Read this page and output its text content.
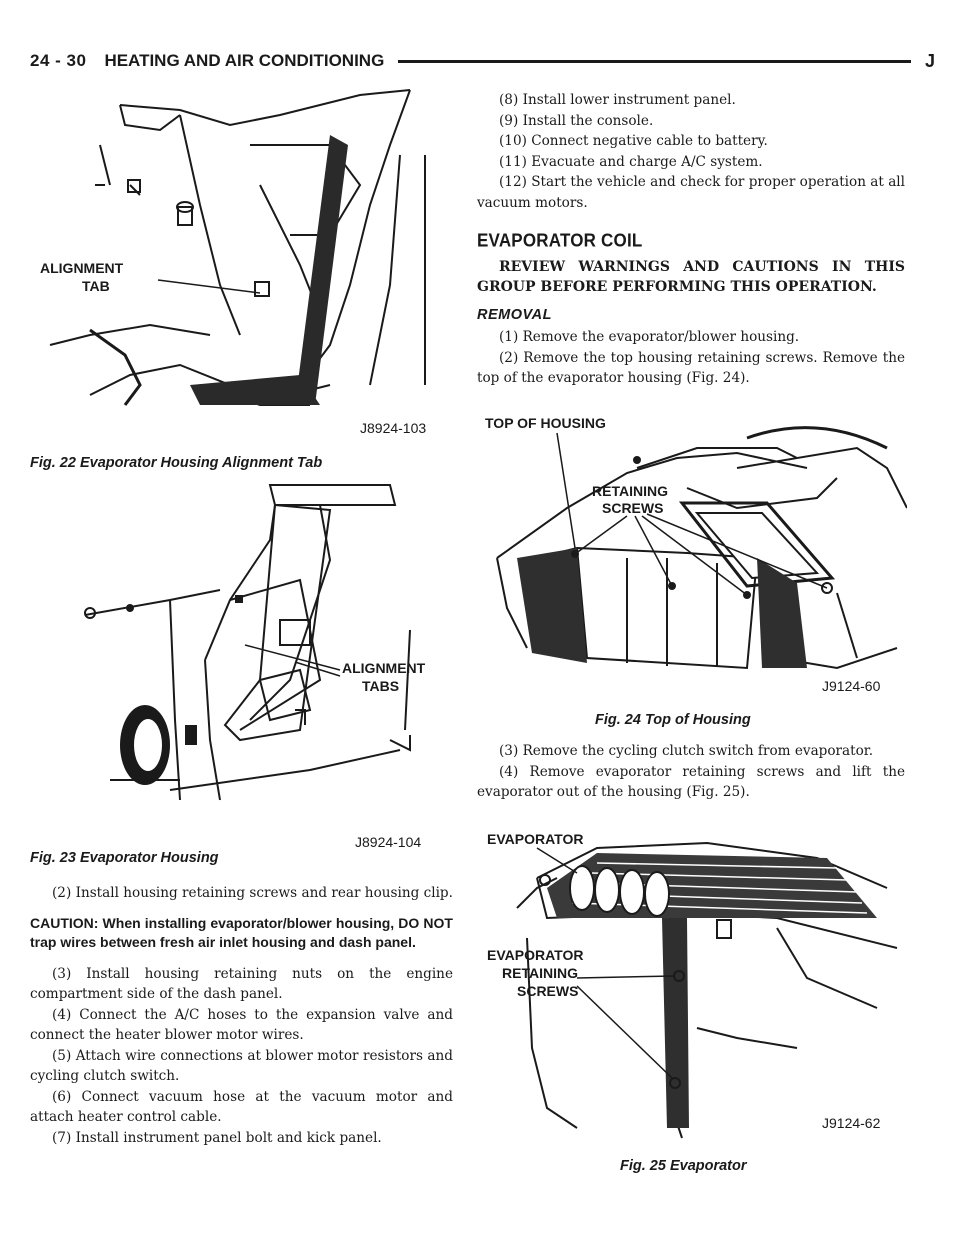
24 - 30 HEATING AND AIR CONDITIONING	J
ALIGNMENT
TAB
J8924-103
Fig. 22 Evaporator Housing Alignment Tab
ALIGNMENT
TABS
J8924-104
Fig. 23 Evaporator Housing

(2) Install housing retaining screws and rear housing clip.

CAUTION: When installing evaporator/blower housing, DO NOT trap wires between fresh air inlet housing and dash panel.

(3) Install housing retaining nuts on the engine compartment side of the dash panel.

(4) Connect the A/C hoses to the expansion valve and connect the heater blower motor wires.

(5) Attach wire connections at blower motor resistors and cycling clutch switch.

(6) Connect vacuum hose at the vacuum motor and attach heater control cable.

(7) Install instrument panel bolt and kick panel.

(8) Install lower instrument panel.

(9) Install the console.

(10) Connect negative cable to battery.

(11) Evacuate and charge A/C system.

(12) Start the vehicle and check for proper operation at all vacuum motors.

EVAPORATOR COIL

REVIEW WARNINGS AND CAUTIONS IN THIS GROUP BEFORE PERFORMING THIS OPERATION.

REMOVAL

(1) Remove the evaporator/blower housing.

(2) Remove the top housing retaining screws. Remove the top of the evaporator housing (Fig. 24).

TOP OF HOUSING
RETAINING
SCREWS
J9124-60
Fig. 24 Top of Housing

(3) Remove the cycling clutch switch from evaporator.

(4) Remove evaporator retaining screws and lift the evaporator out of the housing (Fig. 25).

EVAPORATOR
EVAPORATOR
RETAINING
SCREWS
J9124-62
Fig. 25 Evaporator
